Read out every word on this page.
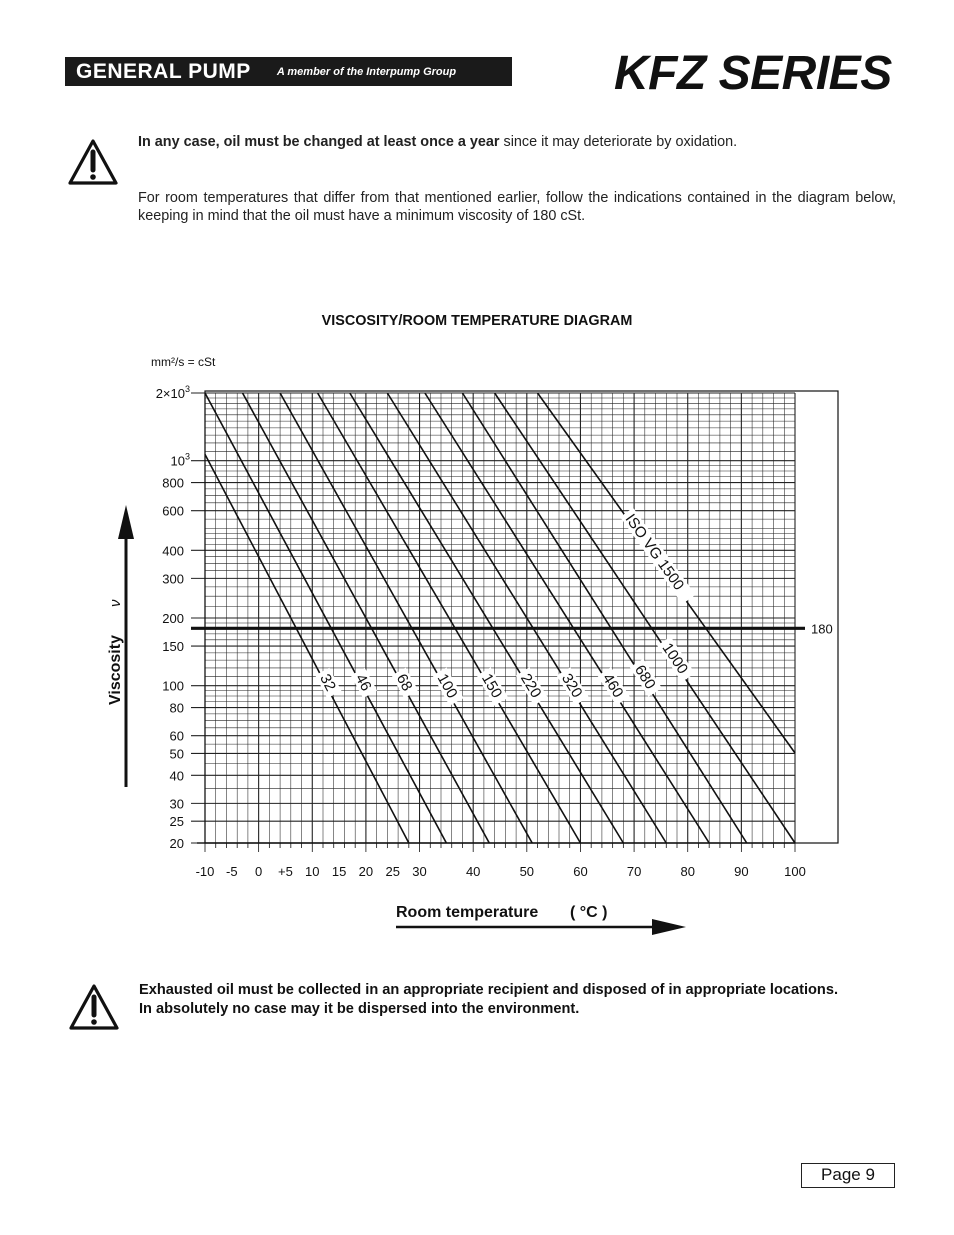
GENERAL PUMP A member of the Interpump Group	KFZ SERIES
In any case, oil must be changed at least once a year since it may deteriorate by oxidation.
For room temperatures that differ from that mentioned earlier, follow the indications contained in the diagram below, keeping in mind that the oil must have a minimum viscosity of 180 cSt.
VISCOSITY/ROOM TEMPERATURE DIAGRAM
mm²/s = cSt
32 46 68 100 150 220 320 460 680 1000
ISO VG 1500
$2\times 10^3$
$10^3$
800
600
400
300
200
150
100
80
60
50
40
30
25
20
-10 -5 0 +5 10 15 20 25 30	40	50	60	70	80	90	100
180
Viscosity
ν
Room temperature ( °C )
Exhausted oil must be collected in an appropriate recipient and disposed of in appropriate locations.
In absolutely no case may it be dispersed into the environment.
Page 9
